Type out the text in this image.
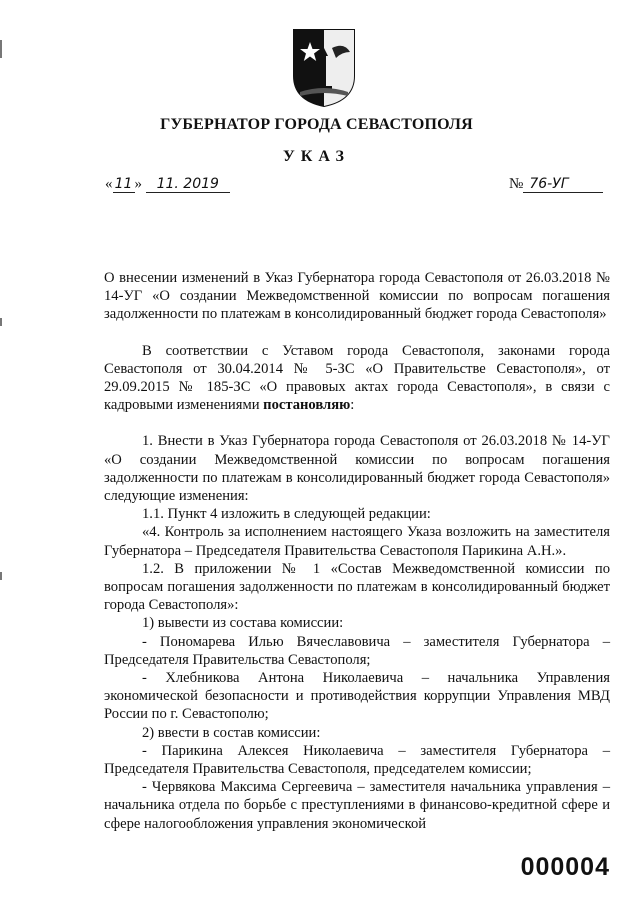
ГУБЕРНАТОР ГОРОДА СЕВАСТОПОЛЯ
УКАЗ
« 11 » 11. 2019	№ 76-УГ

О внесении изменений в Указ Губернатора города Севастополя от 26.03.2018 № 14-УГ «О создании Межведомственной комиссии по вопросам погашения задолженности по платежам в консолидированный бюджет города Севастополя»

В соответствии с Уставом города Севастополя, законами города Севастополя от 30.04.2014 № 5-ЗС «О Правительстве Севастополя», от 29.09.2015 № 185-ЗС «О правовых актах города Севастополя», в связи с кадровыми изменениями постановляю:

1. Внести в Указ Губернатора города Севастополя от 26.03.2018 № 14-УГ «О создании Межведомственной комиссии по вопросам погашения задолженности по платежам в консолидированный бюджет города Севастополя» следующие изменения:

1.1. Пункт 4 изложить в следующей редакции:

«4. Контроль за исполнением настоящего Указа возложить на заместителя Губернатора – Председателя Правительства Севастополя Парикина А.Н.».

1.2. В приложении № 1 «Состав Межведомственной комиссии по вопросам погашения задолженности по платежам в консолидированный бюджет города Севастополя»:

1) вывести из состава комиссии:

- Пономарева Илью Вячеславовича – заместителя Губернатора – Председателя Правительства Севастополя;

- Хлебникова Антона Николаевича – начальника Управления экономической безопасности и противодействия коррупции Управления МВД России по г. Севастополю;

2) ввести в состав комиссии:

- Парикина Алексея Николаевича – заместителя Губернатора – Председателя Правительства Севастополя, председателем комиссии;

- Червякова Максима Сергеевича – заместителя начальника управления – начальника отдела по борьбе с преступлениями в финансово-кредитной сфере и сфере налогообложения управления экономической

000004
